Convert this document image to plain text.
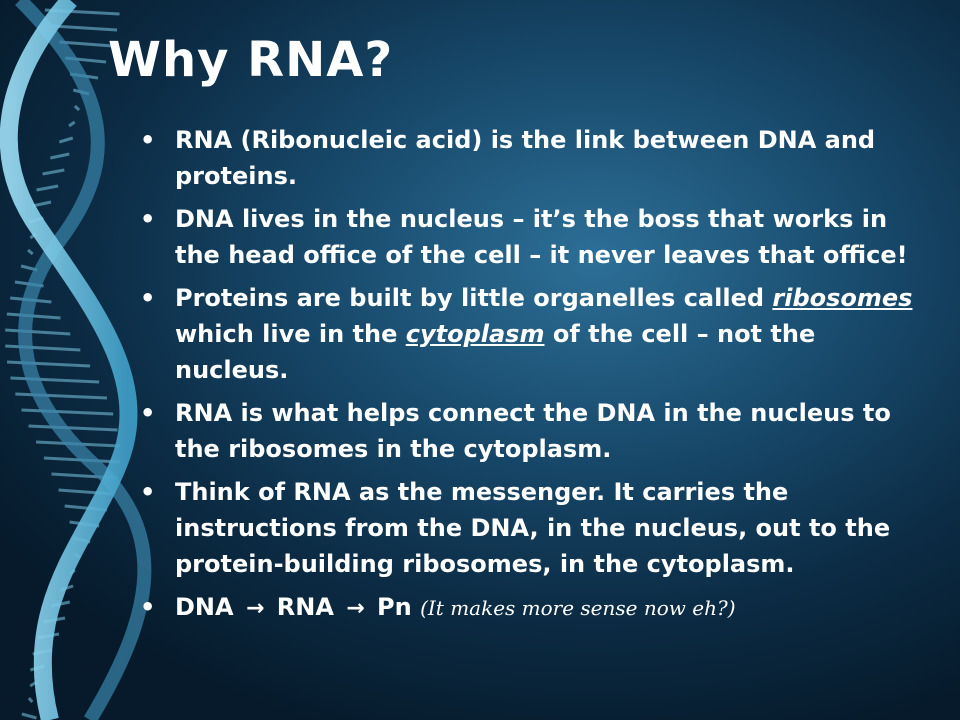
Why RNA?
• RNA (Ribonucleic acid) is the link between DNA and proteins.
• DNA lives in the nucleus – it’s the boss that works in the head office of the cell – it never leaves that office!
• Proteins are built by little organelles called ribosomes which live in the cytoplasm of the cell – not the nucleus.
• RNA is what helps connect the DNA in the nucleus to the ribosomes in the cytoplasm.
• Think of RNA as the messenger. It carries the instructions from the DNA, in the nucleus, out to the protein-building ribosomes, in the cytoplasm.
• DNA → RNA → Pn (It makes more sense now eh?)
